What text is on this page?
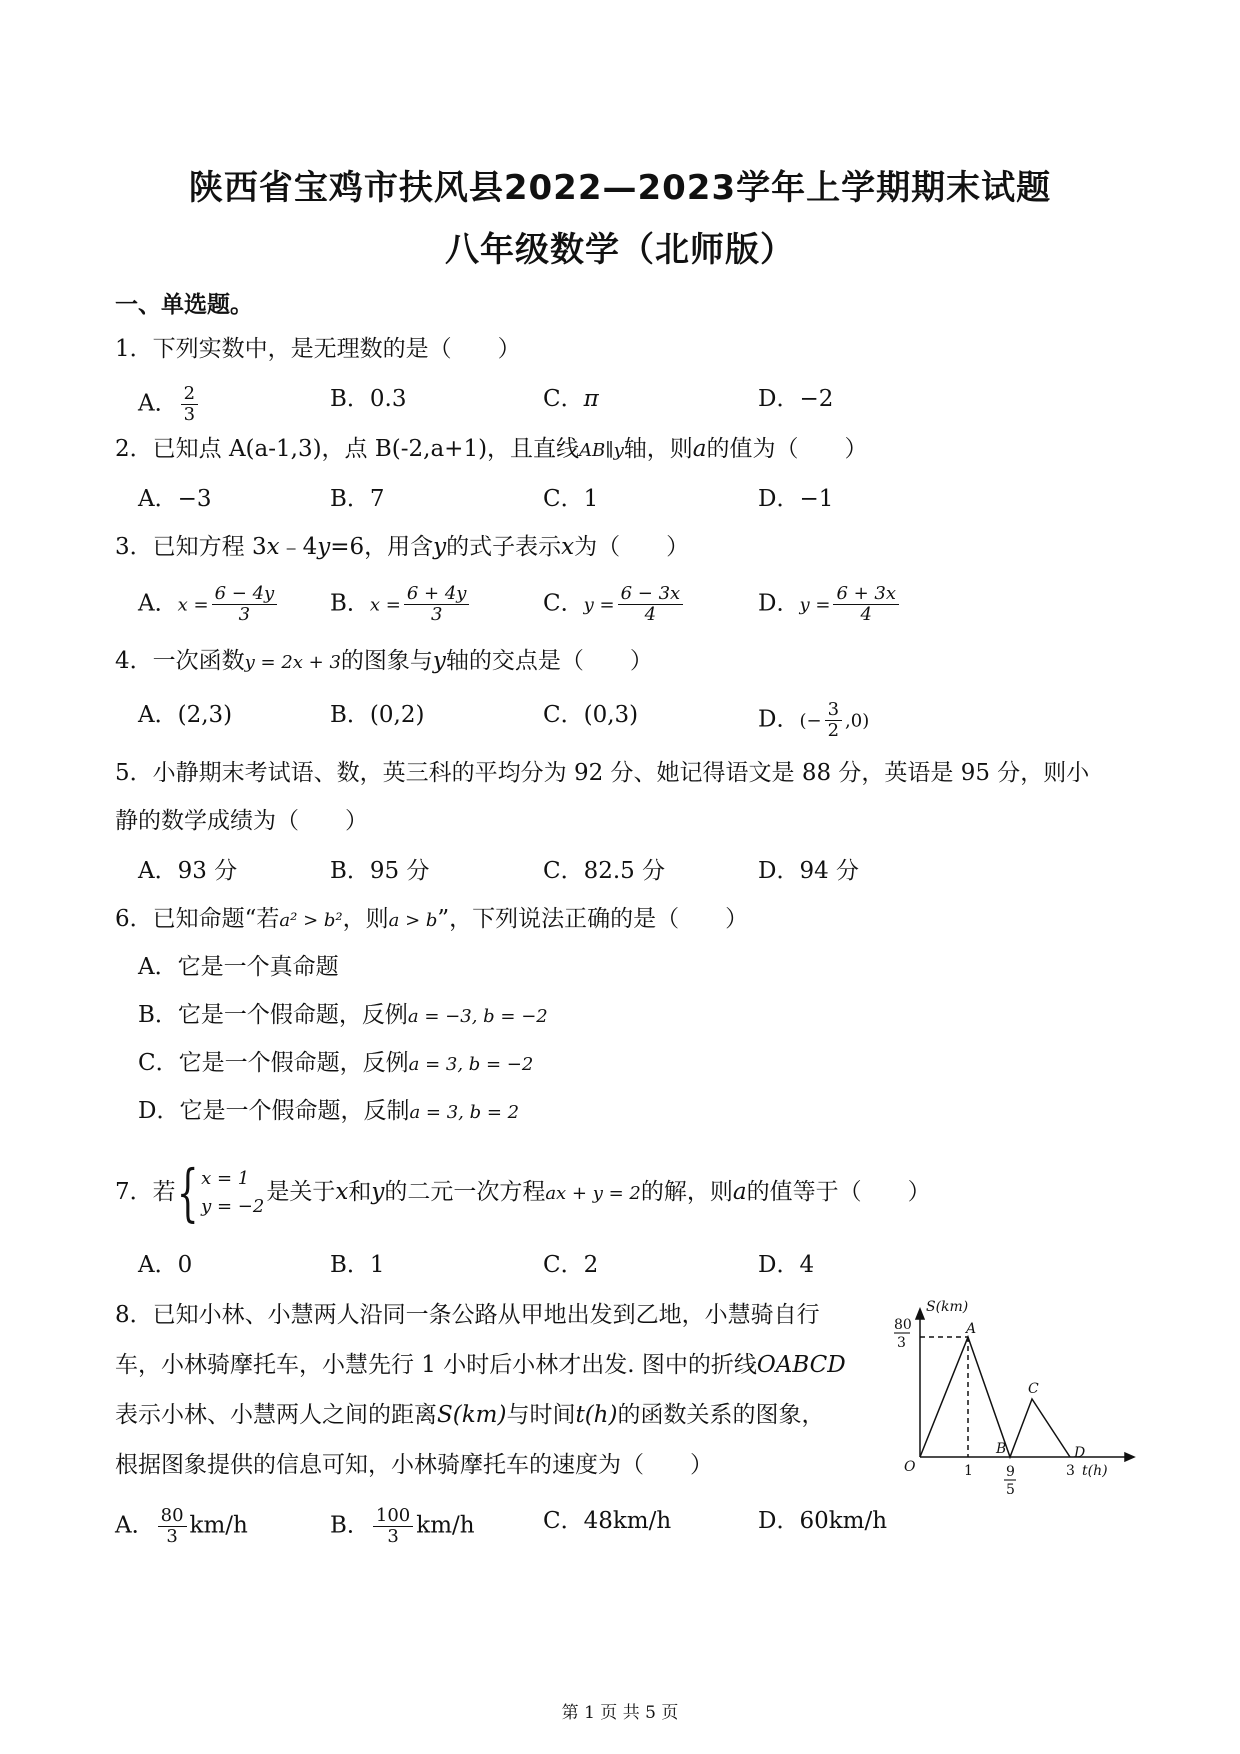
陕西省宝鸡市扶风县2022—2023学年上学期期末试题
八年级数学（北师版）
一、单选题。
1．下列实数中，是无理数的是（　　）
A． $\frac{2}{3}$	B．0.3	C．π	D．−2
2．已知点 A(a-1,3)，点 B(-2,a+1)，且直线AB∥y轴，则a的值为（　　）
A．−3	B．7	C．1	D．−1
3．已知方程 3x﹣4y=6，用含y的式子表示x为（　　）
A．$x = \frac{6 - 4y}{3}$ B．$x = \frac{6 + 4y}{3}$	C．$y = \frac{6 - 3x}{4}$	D．$y = \frac{6 + 3x}{4}$
4．一次函数y = 2x + 3的图象与y轴的交点是（　　）
A．(2,3)	B．(0,2)	C．(0,3)	D．(− $\frac{3}{2} ,0$)
5．小静期末考试语、数，英三科的平均分为 92 分、她记得语文是 88 分，英语是 95 分，则小
静的数学成绩为（　　）
A．93 分	B．95 分	C．82.5 分	D．94 分
6．已知命题“若a² > b²，则a > b”，下列说法正确的是（　　）
A．它是一个真命题
B．它是一个假命题，反例a = −3, b = −2
C．它是一个假命题，反例a = 3, b = −2
D．它是一个假命题，反制a = 3, b = 2
7．若{ x = 1
y = −2
是关于x和y的二元一次方程ax + y = 2的解，则a的值等于（　　）
A．0	B．1	C．2	D．4
8．已知小林、小慧两人沿同一条公路从甲地出发到乙地，小慧骑自行
车，小林骑摩托车，小慧先行 1 小时后小林才出发. 图中的折线OABCD
表示小林、小慧两人之间的距离S(km)与时间t(h)的函数关系的图象，
根据图象提供的信息可知，小林骑摩托车的速度为（　　）
A． $\frac{80}{3} km/h$	B． $\frac{100}{3} km/h$	C．48km/h	D．60km/h
S(km)
80
3
A
B
C
D
O	1 9
5
3 t(h)
第 1 页 共 5 页
